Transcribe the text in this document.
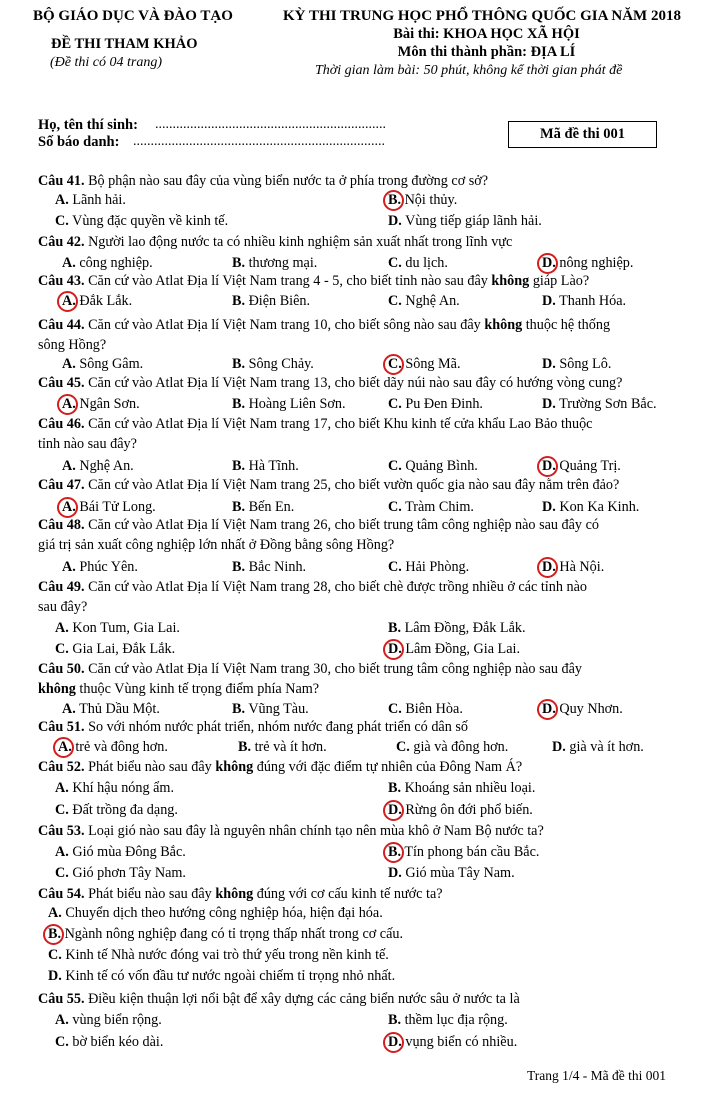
BỘ GIÁO DỤC VÀ ĐÀO TẠO
ĐỀ THI THAM KHẢO
(Đề thi có 04 trang)
KỲ THI TRUNG HỌC PHỔ THÔNG QUỐC GIA NĂM 2018
Bài thi: KHOA HỌC XÃ HỘI
Môn thi thành phần: ĐỊA LÍ
Thời gian làm bài: 50 phút, không kể thời gian phát đề
Họ, tên thí sinh: ..................................................................
Số báo danh: ........................................................................	Mã đề thi 001
Câu 41. Bộ phận nào sau đây của vùng biển nước ta ở phía trong đường cơ sở?
A. Lãnh hải.	B. Nội thủy.
C. Vùng đặc quyền về kinh tế.	D. Vùng tiếp giáp lãnh hải.
Câu 42. Người lao động nước ta có nhiều kinh nghiệm sản xuất nhất trong lĩnh vực
A. công nghiệp.	B. thương mại.	C. du lịch.	D. nông nghiệp.
Câu 43. Căn cứ vào Atlat Địa lí Việt Nam trang 4 - 5, cho biết tỉnh nào sau đây không giáp Lào?
A. Đắk Lắk.	B. Điện Biên.	C. Nghệ An.	D. Thanh Hóa.
Câu 44. Căn cứ vào Atlat Địa lí Việt Nam trang 10, cho biết sông nào sau đây không thuộc hệ thống
sông Hồng?
A. Sông Gâm.	B. Sông Chảy.	C. Sông Mã.	D. Sông Lô.
Câu 45. Căn cứ vào Atlat Địa lí Việt Nam trang 13, cho biết dãy núi nào sau đây có hướng vòng cung?
A. Ngân Sơn.	B. Hoàng Liên Sơn.	C. Pu Đen Đinh.	D. Trường Sơn Bắc.
Câu 46. Căn cứ vào Atlat Địa lí Việt Nam trang 17, cho biết Khu kinh tế cửa khẩu Lao Bảo thuộc
tỉnh nào sau đây?
A. Nghệ An.	B. Hà Tĩnh.	C. Quảng Bình.	D. Quảng Trị.
Câu 47. Căn cứ vào Atlat Địa lí Việt Nam trang 25, cho biết vườn quốc gia nào sau đây nằm trên đảo?
A. Bái Tử Long.	B. Bến En.	C. Tràm Chim.	D. Kon Ka Kinh.
Câu 48. Căn cứ vào Atlat Địa lí Việt Nam trang 26, cho biết trung tâm công nghiệp nào sau đây có
giá trị sản xuất công nghiệp lớn nhất ở Đồng bằng sông Hồng?
A. Phúc Yên.	B. Bắc Ninh.	C. Hải Phòng.	D. Hà Nội.
Câu 49. Căn cứ vào Atlat Địa lí Việt Nam trang 28, cho biết chè được trồng nhiều ở các tỉnh nào
sau đây?
A. Kon Tum, Gia Lai.	B. Lâm Đồng, Đắk Lắk.
C. Gia Lai, Đắk Lắk.	D. Lâm Đồng, Gia Lai.
Câu 50. Căn cứ vào Atlat Địa lí Việt Nam trang 30, cho biết trung tâm công nghiệp nào sau đây
không thuộc Vùng kinh tế trọng điểm phía Nam?
A. Thủ Dầu Một.	B. Vũng Tàu.	C. Biên Hòa.	D. Quy Nhơn.
Câu 51. So với nhóm nước phát triển, nhóm nước đang phát triển có dân số
A. trẻ và đông hơn.	B. trẻ và ít hơn.	C. già và đông hơn.	D. già và ít hơn.
Câu 52. Phát biểu nào sau đây không đúng với đặc điểm tự nhiên của Đông Nam Á?
A. Khí hậu nóng ẩm.	B. Khoáng sản nhiều loại.
C. Đất trồng đa dạng.	D. Rừng ôn đới phổ biến.
Câu 53. Loại gió nào sau đây là nguyên nhân chính tạo nên mùa khô ở Nam Bộ nước ta?
A. Gió mùa Đông Bắc.	B. Tín phong bán cầu Bắc.
C. Gió phơn Tây Nam.	D. Gió mùa Tây Nam.
Câu 54. Phát biểu nào sau đây không đúng với cơ cấu kinh tế nước ta?
A. Chuyển dịch theo hướng công nghiệp hóa, hiện đại hóa.
B. Ngành nông nghiệp đang có tỉ trọng thấp nhất trong cơ cấu.
C. Kinh tế Nhà nước đóng vai trò thứ yếu trong nền kinh tế.
D. Kinh tế có vốn đầu tư nước ngoài chiếm tỉ trọng nhỏ nhất.
Câu 55. Điều kiện thuận lợi nổi bật để xây dựng các cảng biển nước sâu ở nước ta là
A. vùng biển rộng.	B. thềm lục địa rộng.
C. bờ biển kéo dài.	D. vụng biển có nhiều.
Trang 1/4 - Mã đề thi 001
